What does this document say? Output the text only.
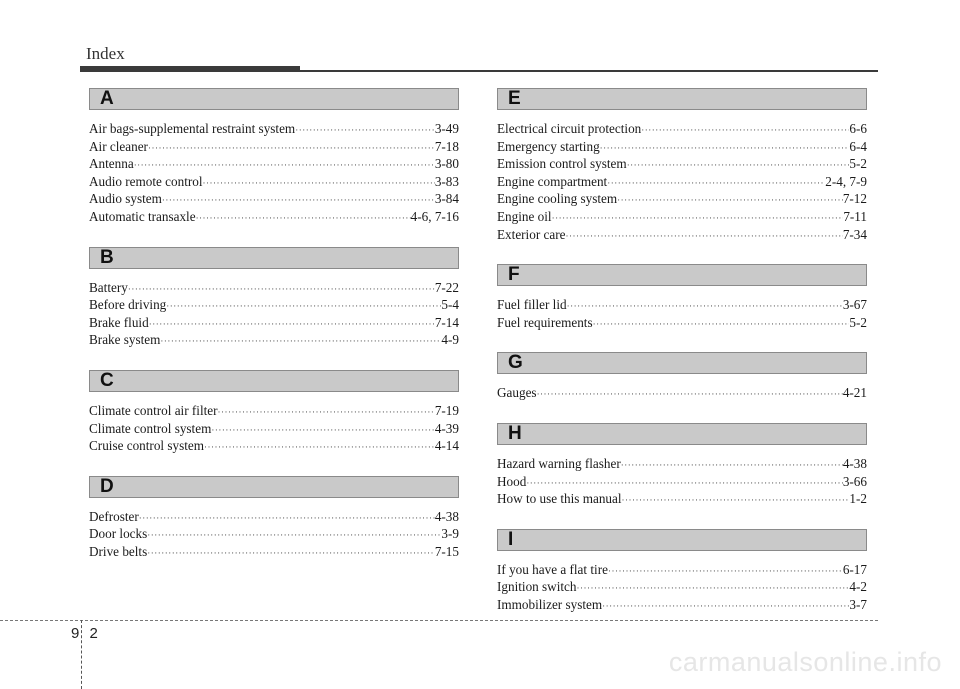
Index
A
Air bags-supplemental restraint system ·····	3-49
Air cleaner ·····	7-18
Antenna ·····	3-80
Audio remote control ·····	3-83
Audio system ·····	3-84
Automatic transaxle ·····	4-6, 7-16
B
Battery ·····	7-22
Before driving ·····	5-4
Brake fluid ·····	7-14
Brake system ·····	4-9
C
Climate control air filter ·····	7-19
Climate control system ·····	4-39
Cruise control system ·····	4-14
D
Defroster ·····	4-38
Door locks ·····	3-9
Drive belts ·····	7-15
E
Electrical circuit protection ·····	6-6
Emergency starting ·····	6-4
Emission control system ·····	5-2
Engine compartment ·····	2-4, 7-9
Engine cooling system ·····	7-12
Engine oil ·····	7-11
Exterior care ·····	7-34
F
Fuel filler lid ·····	3-67
Fuel requirements ·····	5-2
G
Gauges ·····	4-21
H
Hazard warning flasher ·····	4-38
Hood ·····	3-66
How to use this manual ·····	1-2
I
If you have a flat tire ·····	6-17
Ignition switch ·····	4-2
Immobilizer system ·····	3-7
9 2
carmanualsonline.info
